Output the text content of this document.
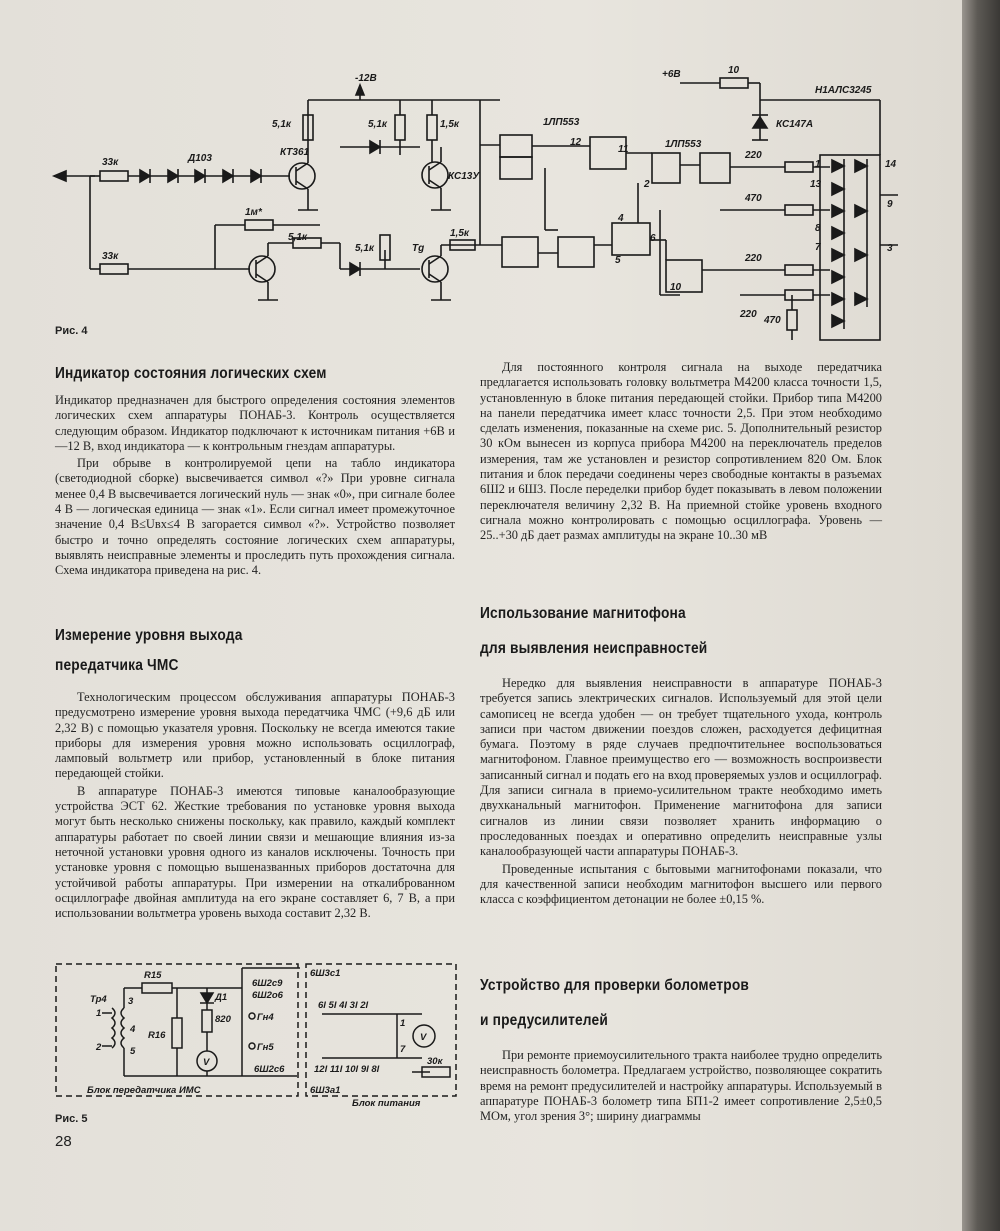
-12В	+6В	10
Н1АЛС3245
КС147А
5,1к	5,1к	1,5к
5,1к
5,1к
1,5к
33к
33к
Д103
КТ361
КС13У
1м*
Тg
1ЛП553
1ЛП553
220
470
220
220
470
14
9
3
1
13
12
2
11
8
7
6
4
5
10
Рис. 4
Индикатор состояния логических схем

Индикатор предназначен для быстрого определения состояния элементов логических схем аппаратуры ПОНАБ-3. Контроль осуществляется следующим образом. Индикатор подключают к источникам питания +6В и —12 В, вход индикатора — к контрольным гнездам аппаратуры.

При обрыве в контролируемой цепи на табло индикатора (светодиодной сборке) высвечивается символ «?» При уровне сигнала менее 0,4 В высвечивается логический нуль — знак «0», при сигнале более 4 В — логическая единица — знак «1». Если сигнал имеет промежуточное значение 0,4 В≤Uвх≤4 В загорается символ «?». Устройство позволяет быстро и точно определять состояние логических схем аппаратуры, выявлять неисправные элементы и проследить путь прохождения сигнала. Схема индикатора приведена на рис. 4.

Измерение уровня выхода
передатчика ЧМС

Технологическим процессом обслуживания аппаратуры ПОНАБ-3 предусмотрено измерение уровня выхода передатчика ЧМС (+9,6 дБ или 2,32 В) с помощью указателя уровня. Поскольку не всегда имеются такие приборы для измерения уровня можно использовать осциллограф, ламповый вольтметр или прибор, установленный в блоке питания передающей стойки.

В аппаратуре ПОНАБ-3 имеются типовые каналообразующие устройства ЭСТ 62. Жесткие требования по установке уровня выхода могут быть несколько снижены поскольку, как правило, каждый комплект аппаратуры работает по своей линии связи и мешающие влияния из-за неточной установки уровня одного из каналов исключены. Точность при установке уровня с помощью вышеназванных приборов достаточна для устойчивой работы аппаратуры. При измерении на откалиброванном осциллографе двойная амплитуда на его экране составляет 6, 7 В, а при использовании вольтметра уровень выхода составит 2,32 В.

Для постоянного контроля сигнала на выходе передатчика предлагается использовать головку вольтметра М4200 класса точности 1,5, установленную в блоке питания передающей стойки. Прибор типа М4200 на панели передатчика имеет класс точности 2,5. При этом необходимо сделать изменения, показанные на схеме рис. 5. Дополнительный резистор 30 кОм вынесен из корпуса прибора М4200 на переключатель пределов измерения, там же установлен и резистор сопротивлением 820 Ом. Блок питания и блок передачи соединены через свободные контакты в разъемах 6Ш2 и 6Ш3. После переделки прибор будет показывать в левом положении переключателя величину 2,32 В. На приемной стойке уровень входного сигнала можно контролировать с помощью осциллографа. Уровень —25..+30 дБ дает размах амплитуды на экране 10..30 мВ

Использование магнитофона
для выявления неисправностей

Нередко для выявления неисправности в аппаратуре ПОНАБ-3 требуется запись электрических сигналов. Используемый для этой цели самописец не всегда удобен — он требует тщательного ухода, контроль записи при частом движении поездов сложен, расходуется дефицитная бумага. Поэтому в ряде случаев предпочтительнее воспользоваться магнитофоном. Главное преимущество его — возможность воспроизвести записанный сигнал и подать его на вход проверяемых узлов и осциллограф. Для записи сигнала в приемо-усилительном тракте необходимо иметь двухканальный магнитофон. Применение магнитофона для записи сигналов из линии связи позволяет хранить информацию о проследованных поездах и оперативно определить неисправные узлы каналообразующей части аппаратуры ПОНАБ-3.

Проведенные испытания с бытовыми магнитофонами показали, что для качественной записи необходим магнитофон высшего или первого класса с коэффициентом детонации не более ±0,15 %.

Устройство для проверки болометров
и предусилителей

При ремонте приемоусилительного тракта наиболее трудно определить неисправность болометра. Предлагаем устройство, позволяющее сократить время на ремонт предусилителей и настройку аппаратуры. Используемый в аппаратуре ПОНАБ-3 болометр типа БП1-2 имеет сопротивление 2,5±0,5 МОм, угол зрения 3°; ширину диаграммы

Тр4
R15
R16
Д1
820
6Ш2с9
6Ш2о6
Гн4
Гн5
6Ш2с6
6Ш3с1
6Ш3а1
30к
1
2
3
4
5
V
V
6l 5l 4l 3l 2l
12l 11l 10l 9l 8l
1
7
Блок передатчика ИМС
Блок питания
Рис. 5
28
